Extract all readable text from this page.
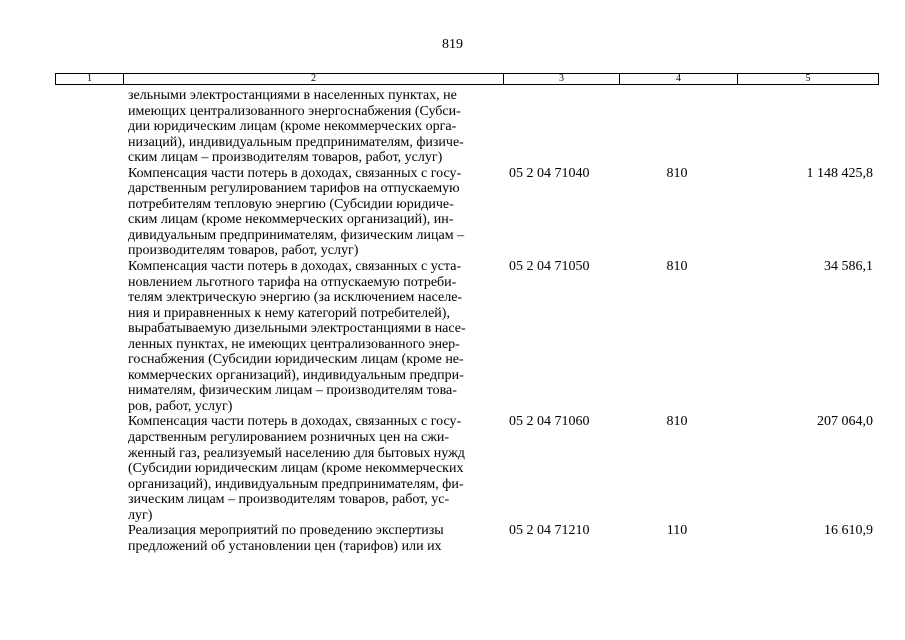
819
1	2	3	4	5
зельными электростанциями в населенных пунктах, не
имеющих централизованного энергоснабжения (Субси-
дии юридическим лицам (кроме некоммерческих орга-
низаций), индивидуальным предпринимателям, физиче-
ским лицам – производителям товаров, работ, услуг)
Компенсация части потерь в доходах, связанных с госу-
дарственным регулированием тарифов на отпускаемую
потребителям тепловую энергию (Субсидии юридиче-
ским лицам (кроме некоммерческих организаций), ин-
дивидуальным предпринимателям, физическим лицам –
производителям товаров, работ, услуг)
05 2 04 71040	810	1 148 425,8
Компенсация части потерь в доходах, связанных с уста-
новлением льготного тарифа на отпускаемую потреби-
телям электрическую энергию (за исключением населе-
ния и приравненных к нему категорий потребителей),
вырабатываемую дизельными электростанциями в насе-
ленных пунктах, не имеющих централизованного энер-
госнабжения (Субсидии юридическим лицам (кроме не-
коммерческих организаций), индивидуальным предпри-
нимателям, физическим лицам – производителям това-
ров, работ, услуг)
05 2 04 71050	810	34 586,1
Компенсация части потерь в доходах, связанных с госу-
дарственным регулированием розничных цен на сжи-
женный газ, реализуемый населению для бытовых нужд
(Субсидии юридическим лицам (кроме некоммерческих
организаций), индивидуальным предпринимателям, фи-
зическим лицам – производителям товаров, работ, ус-
луг)
05 2 04 71060	810	207 064,0
Реализация мероприятий по проведению экспертизы
предложений об установлении цен (тарифов) или их
05 2 04 71210	110	16 610,9
